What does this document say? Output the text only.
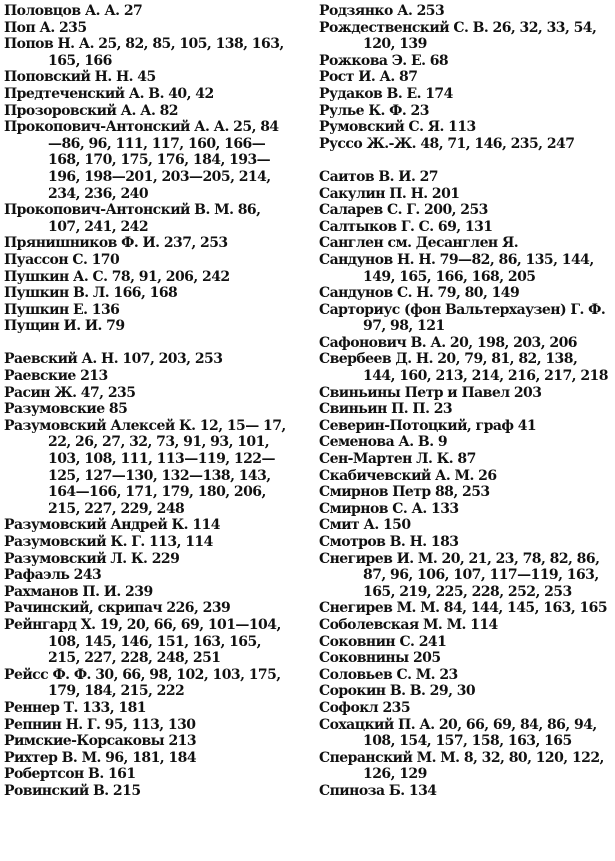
Половцов А. А. 27
Поп А. 235
Попов Н. А. 25, 82, 85, 105, 138, 163, 165, 166
Поповский Н. Н. 45
Предтеченский А. В. 40, 42
Прозоровский А. А. 82
Прокопович-Антонский А. А. 25, 84—86, 96, 111, 117, 160, 166— 168, 170, 175, 176, 184, 193— 196, 198—201, 203—205, 214, 234, 236, 240
Прокопович-Антонский В. М. 86, 107, 241, 242
Прянишников Ф. И. 237, 253
Пуассон С. 170
Пушкин А. С. 78, 91, 206, 242
Пушкин В. Л. 166, 168
Пушкин Е. 136
Пущин И. И. 79
Раевский А. Н. 107, 203, 253
Раевские 213
Расин Ж. 47, 235
Разумовские 85
Разумовский Алексей К. 12, 15— 17, 22, 26, 27, 32, 73, 91, 93, 101, 103, 108, 111, 113—119, 122— 125, 127—130, 132—138, 143, 164—166, 171, 179, 180, 206, 215, 227, 229, 248
Разумовский Андрей К. 114
Разумовский К. Г. 113, 114
Разумовский Л. К. 229
Рафаэль 243
Рахманов П. И. 239
Рачинский, скрипач 226, 239
Рейнгард Х. 19, 20, 66, 69, 101—104, 108, 145, 146, 151, 163, 165, 215, 227, 228, 248, 251
Рейсс Ф. Ф. 30, 66, 98, 102, 103, 175, 179, 184, 215, 222
Реннер Т. 133, 181
Репнин Н. Г. 95, 113, 130
Римские-Корсаковы 213
Рихтер В. М. 96, 181, 184
Робертсон В. 161
Ровинский В. 215
Родзянко А. 253
Рождественский С. В. 26, 32, 33, 54, 120, 139
Рожкова Э. Е. 68
Рост И. А. 87
Рудаков В. Е. 174
Рулье К. Ф. 23
Румовский С. Я. 113
Руссо Ж.-Ж. 48, 71, 146, 235, 247
Саитов В. И. 27
Сакулин П. Н. 201
Саларев С. Г. 200, 253
Салтыков Г. С. 69, 131
Санглен см. Десанглен Я.
Сандунов Н. Н. 79—82, 86, 135, 144, 149, 165, 166, 168, 205
Сандунов С. Н. 79, 80, 149
Сарториус (фон Вальтерхаузен) Г. Ф. 97, 98, 121
Сафонович В. А. 20, 198, 203, 206
Свербеев Д. Н. 20, 79, 81, 82, 138, 144, 160, 213, 214, 216, 217, 218
Свиньины Петр и Павел 203
Свиньин П. П. 23
Северин-Потоцкий, граф 41
Семенова А. В. 9
Сен-Мартен Л. К. 87
Скабичевский А. М. 26
Смирнов Петр 88, 253
Смирнов С. А. 133
Смит А. 150
Смотров В. Н. 183
Снегирев И. М. 20, 21, 23, 78, 82, 86, 87, 96, 106, 107, 117—119, 163, 165, 219, 225, 228, 252, 253
Снегирев М. М. 84, 144, 145, 163, 165
Соболевская М. М. 114
Соковнин С. 241
Соковнины 205
Соловьев С. М. 23
Сорокин В. В. 29, 30
Софокл 235
Сохацкий П. А. 20, 66, 69, 84, 86, 94, 108, 154, 157, 158, 163, 165
Сперанский М. М. 8, 32, 80, 120, 122, 126, 129
Спиноза Б. 134
